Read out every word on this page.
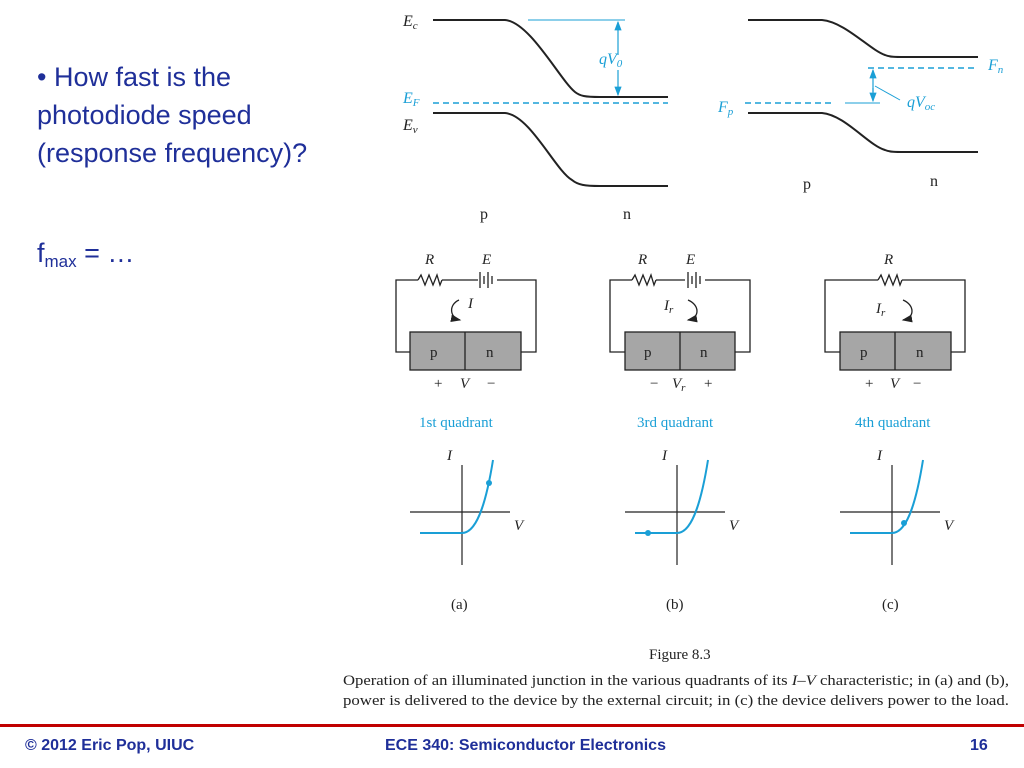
• How fast is the
photodiode speed
(response frequency)?
$f_{max}$ = …
Ec
EF
Ev
qV0
p	n
Fn
Fp
qVoc
p	n
R	E
I
p	n
+ V −
1st quadrant
R	E
$I_r$
p	n
− $V_r$ +
3rd quadrant
R
$I_r$
p	n
+ V −
4th quadrant
I
V
(a)
I
V
(b)
I
V
(c)
Figure 8.3
Operation of an illuminated junction in the various quadrants of its	I–V characteristic; in (a) and (b),
power is delivered to the device by the external circuit; in (c) the device delivers power to the load.
© 2012 Eric Pop, UIUC	ECE 340: Semiconductor Electronics	16
